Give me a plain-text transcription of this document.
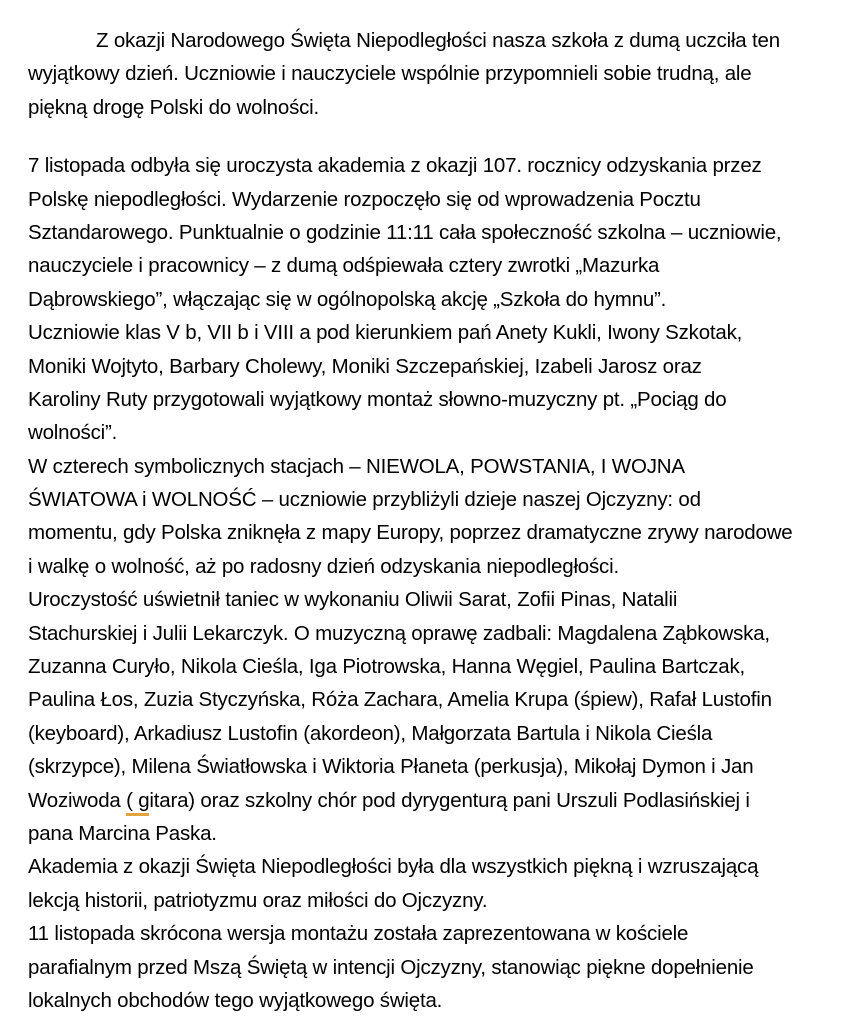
Z okazji Narodowego Święta Niepodległości nasza szkoła z dumą uczciła ten
wyjątkowy dzień. Uczniowie i nauczyciele wspólnie przypomnieli sobie trudną, ale
piękną drogę Polski do wolności.
7 listopada odbyła się uroczysta akademia z okazji 107. rocznicy odzyskania przez
Polskę niepodległości. Wydarzenie rozpoczęło się od wprowadzenia Pocztu
Sztandarowego. Punktualnie o godzinie 11:11 cała społeczność szkolna – uczniowie,
nauczyciele i pracownicy – z dumą odśpiewała cztery zwrotki „Mazurka
Dąbrowskiego”, włączając się w ogólnopolską akcję „Szkoła do hymnu”.
Uczniowie klas V b, VII b i VIII a pod kierunkiem pań Anety Kukli, Iwony Szkotak,
Moniki Wojtyto, Barbary Cholewy, Moniki Szczepańskiej, Izabeli Jarosz oraz
Karoliny Ruty przygotowali wyjątkowy montaż słowno-muzyczny pt. „Pociąg do
wolności”.
W czterech symbolicznych stacjach – NIEWOLA, POWSTANIA, I WOJNA
ŚWIATOWA i WOLNOŚĆ – uczniowie przybliżyli dzieje naszej Ojczyzny: od
momentu, gdy Polska zniknęła z mapy Europy, poprzez dramatyczne zrywy narodowe
i walkę o wolność, aż po radosny dzień odzyskania niepodległości.
Uroczystość uświetnił taniec w wykonaniu Oliwii Sarat, Zofii Pinas, Natalii
Stachurskiej i Julii Lekarczyk. O muzyczną oprawę zadbali: Magdalena Ząbkowska,
Zuzanna Curyło, Nikola Cieśla, Iga Piotrowska, Hanna Węgiel, Paulina Bartczak,
Paulina Łos, Zuzia Styczyńska, Róża Zachara, Amelia Krupa (śpiew), Rafał Lustofin
(keyboard), Arkadiusz Lustofin (akordeon), Małgorzata Bartula i Nikola Cieśla
(skrzypce), Milena Światłowska i Wiktoria Płaneta (perkusja), Mikołaj Dymon i Jan
Woziwoda ( gitara) oraz szkolny chór pod dyrygenturą pani Urszuli Podlasińskiej i
pana Marcina Paska.
Akademia z okazji Święta Niepodległości była dla wszystkich piękną i wzruszającą
lekcją historii, patriotyzmu oraz miłości do Ojczyzny.
11 listopada skrócona wersja montażu została zaprezentowana w kościele
parafialnym przed Mszą Świętą w intencji Ojczyzny, stanowiąc piękne dopełnienie
lokalnych obchodów tego wyjątkowego święta.
